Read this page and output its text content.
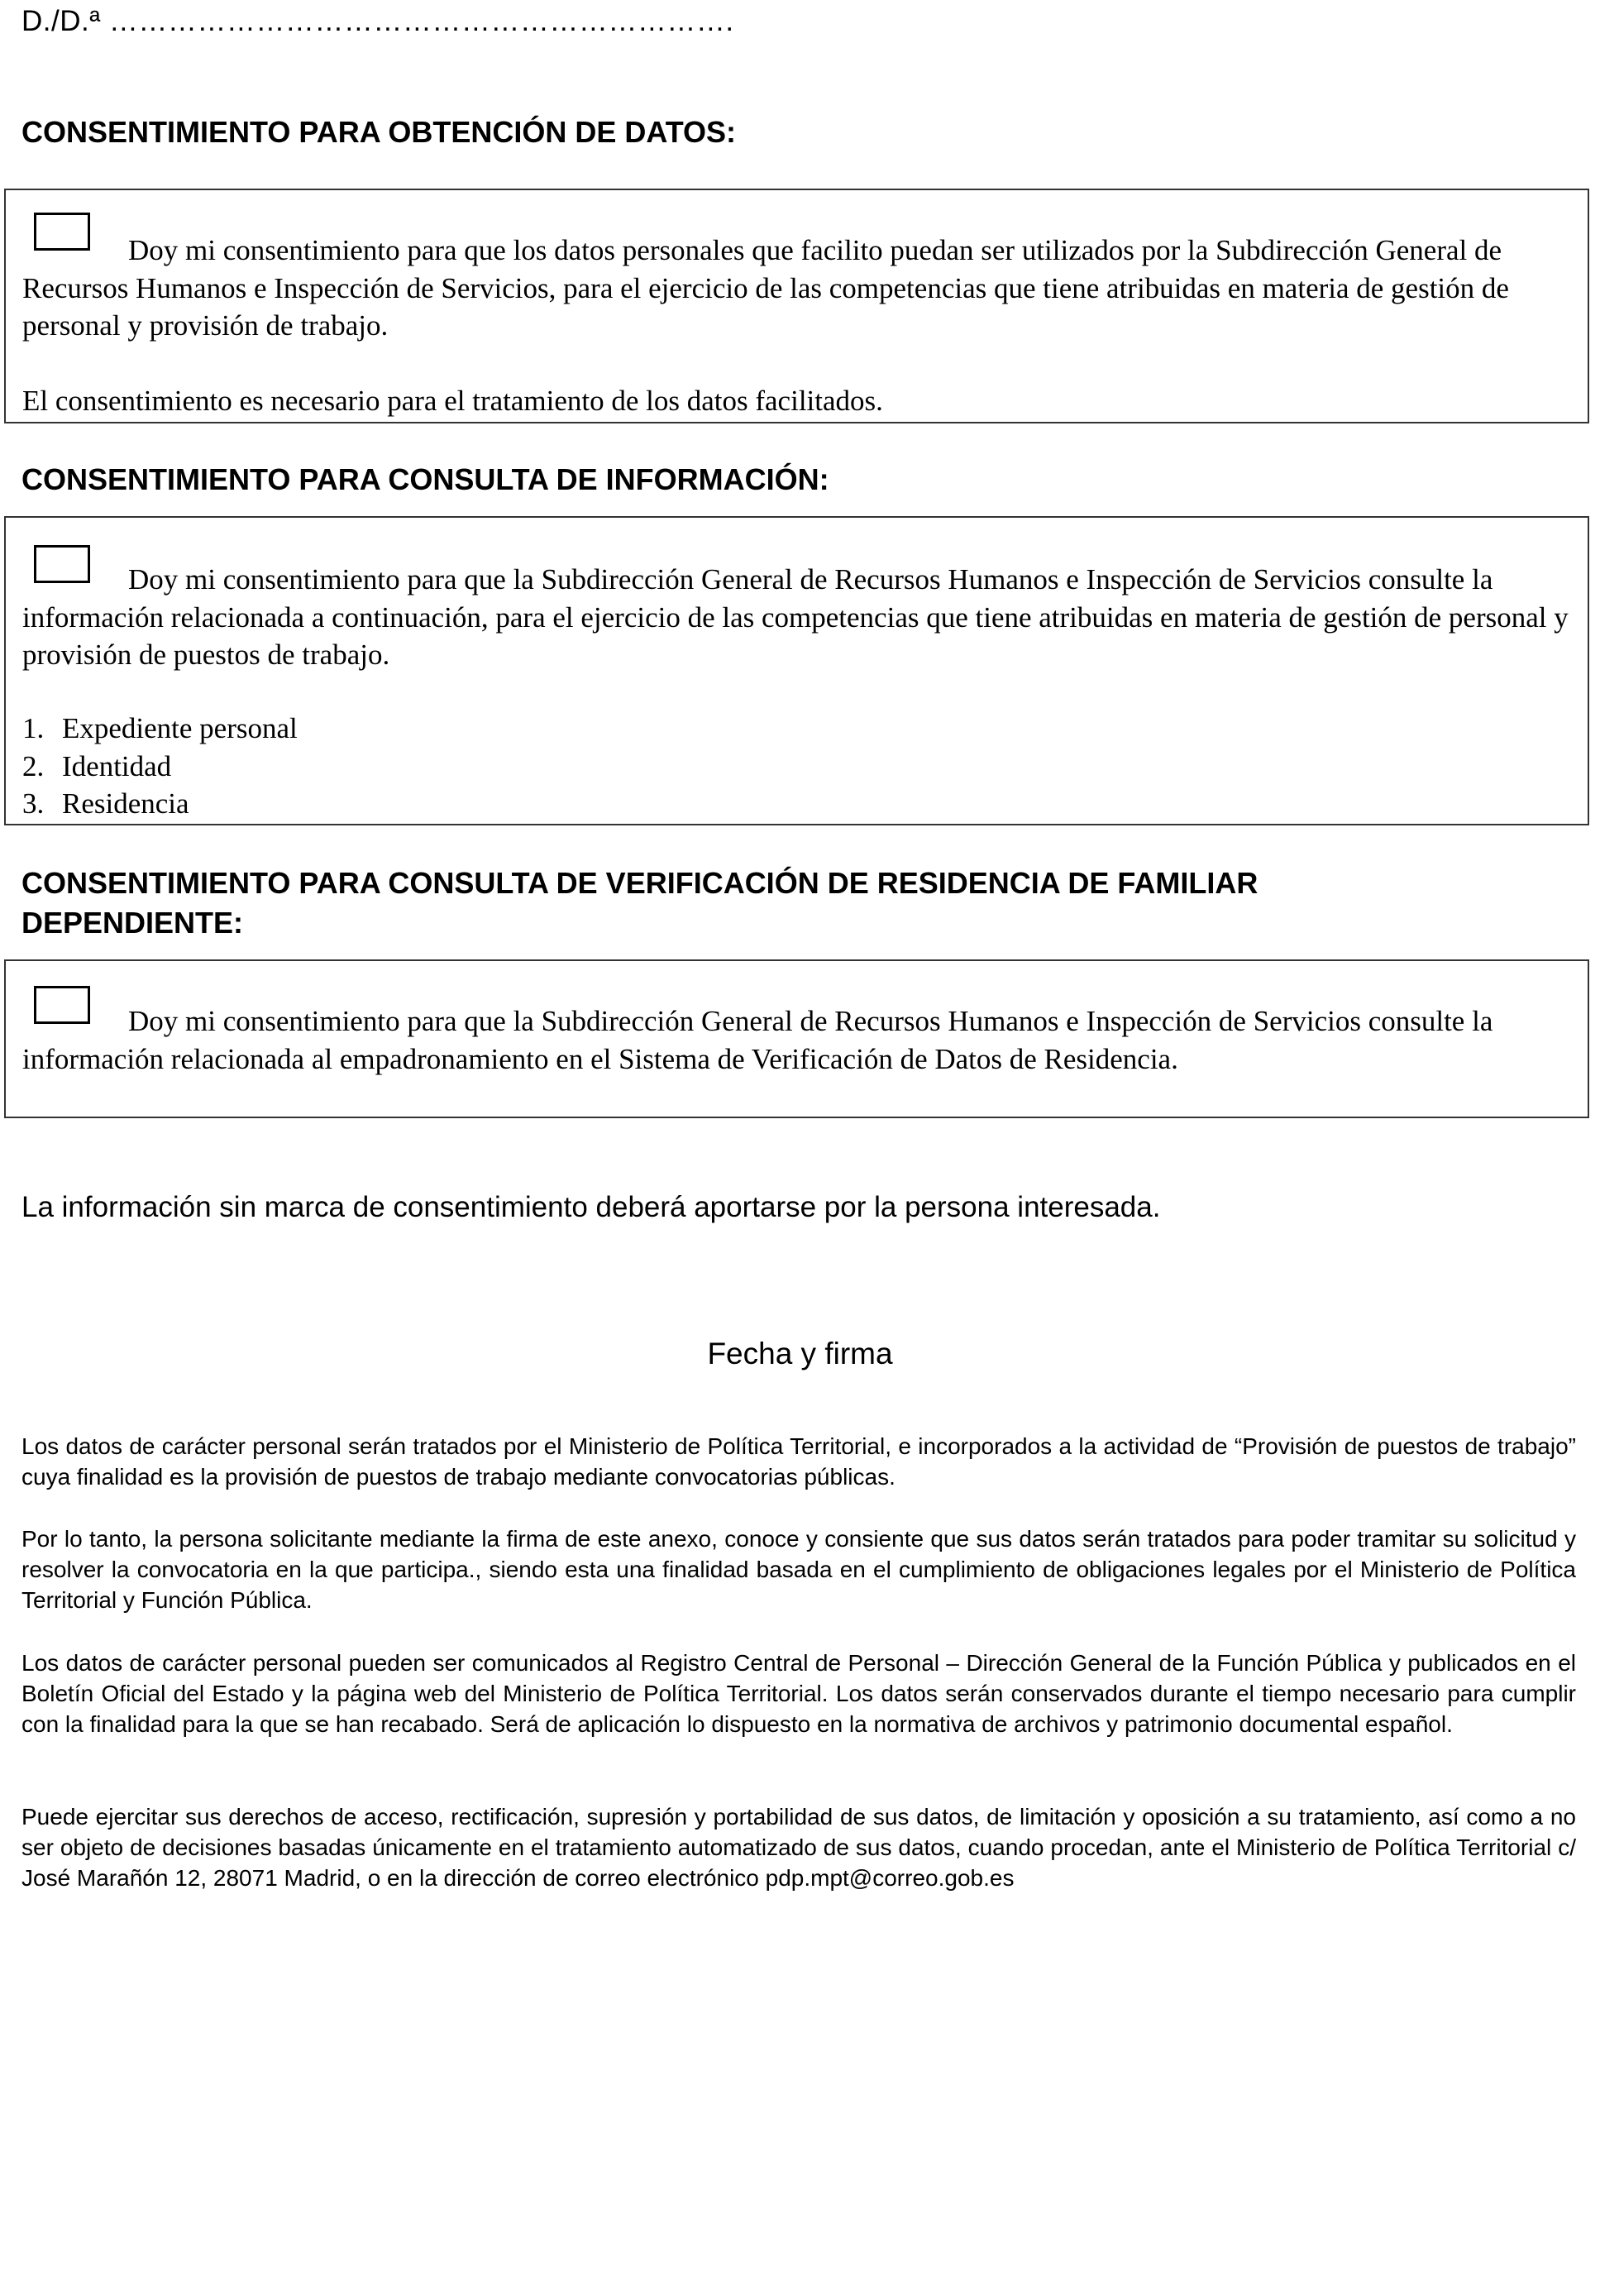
D./D.ª ……………………………………………………….
CONSENTIMIENTO PARA OBTENCIÓN DE DATOS:
Doy mi consentimiento para que los datos personales que facilito puedan ser utilizados por la Subdirección General de Recursos Humanos e Inspección de Servicios, para el ejercicio de las competencias que tiene atribuidas en materia de gestión de personal y provisión de trabajo.
El consentimiento es necesario para el tratamiento de los datos facilitados.
CONSENTIMIENTO PARA CONSULTA DE INFORMACIÓN:
Doy mi consentimiento para que la Subdirección General de Recursos Humanos e Inspección de Servicios consulte la información relacionada a continuación, para el ejercicio de las competencias que tiene atribuidas en materia de gestión de personal y provisión de puestos de trabajo.
1. Expediente personal
2. Identidad
3. Residencia
CONSENTIMIENTO PARA CONSULTA DE VERIFICACIÓN DE RESIDENCIA DE FAMILIAR DEPENDIENTE:
Doy mi consentimiento para que la Subdirección General de Recursos Humanos e Inspección de Servicios consulte la información relacionada al empadronamiento en el Sistema de Verificación de Datos de Residencia.
La información sin marca de consentimiento deberá aportarse por la persona interesada.
Fecha y firma
Los datos de carácter personal serán tratados por el Ministerio de Política Territorial, e incorporados a la actividad de “Provisión de puestos de trabajo” cuya finalidad es la provisión de puestos de trabajo mediante convocatorias públicas.
Por lo tanto, la persona solicitante mediante la firma de este anexo, conoce y consiente que sus datos serán tratados para poder tramitar su solicitud y resolver la convocatoria en la que participa., siendo esta una finalidad basada en el cumplimiento de obligaciones legales por el Ministerio de Política Territorial y Función Pública.
Los datos de carácter personal pueden ser comunicados al Registro Central de Personal – Dirección General de la Función Pública y publicados en el Boletín Oficial del Estado y la página web del Ministerio de Política Territorial. Los datos serán conservados durante el tiempo necesario para cumplir con la finalidad para la que se han recabado. Será de aplicación lo dispuesto en la normativa de archivos y patrimonio documental español.
Puede ejercitar sus derechos de acceso, rectificación, supresión y portabilidad de sus datos, de limitación y oposición a su tratamiento, así como a no ser objeto de decisiones basadas únicamente en el tratamiento automatizado de sus datos, cuando procedan, ante el Ministerio de Política Territorial c/ José Marañón 12, 28071 Madrid, o en la dirección de correo electrónico pdp.mpt@correo.gob.es
